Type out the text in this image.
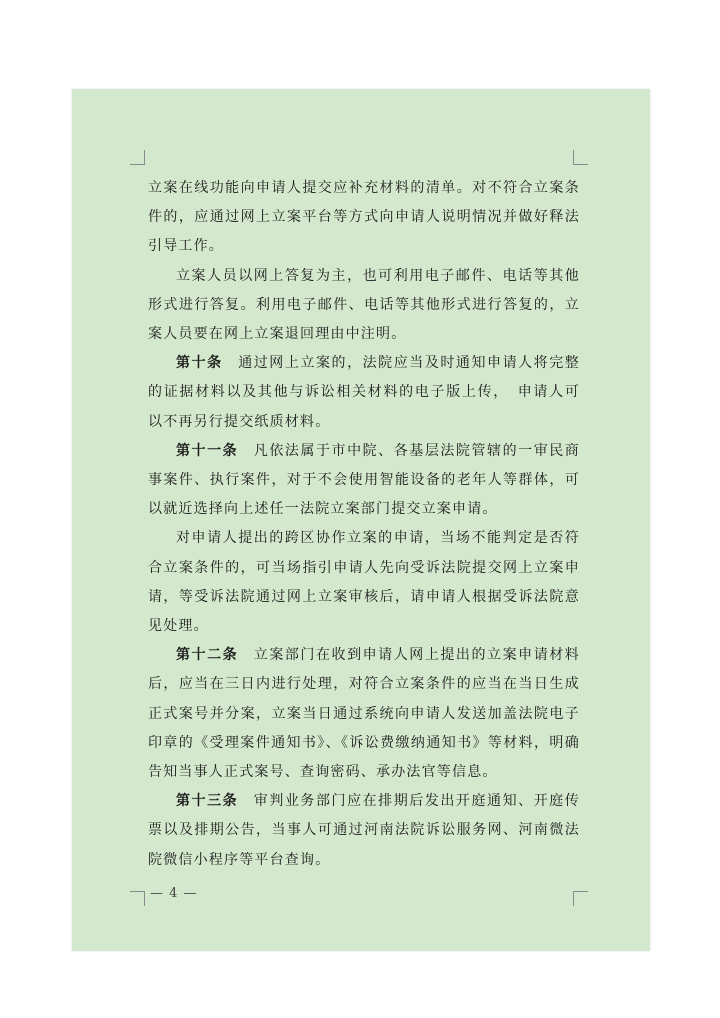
立案在线功能向申请人提交应补充材料的清单。对不符合立案条件的，应通过网上立案平台等方式向申请人说明情况并做好释法引导工作。

立案人员以网上答复为主，也可利用电子邮件、电话等其他形式进行答复。利用电子邮件、电话等其他形式进行答复的，立案人员要在网上立案退回理由中注明。

第十条　通过网上立案的，法院应当及时通知申请人将完整的证据材料以及其他与诉讼相关材料的电子版上传，　申请人可以不再另行提交纸质材料。

第十一条　凡依法属于市中院、各基层法院管辖的一审民商事案件、执行案件，对于不会使用智能设备的老年人等群体，可以就近选择向上述任一法院立案部门提交立案申请。

对申请人提出的跨区协作立案的申请，当场不能判定是否符合立案条件的，可当场指引申请人先向受诉法院提交网上立案申请，等受诉法院通过网上立案审核后，请申请人根据受诉法院意见处理。

第十二条　立案部门在收到申请人网上提出的立案申请材料后，应当在三日内进行处理，对符合立案条件的应当在当日生成正式案号并分案，立案当日通过系统向申请人发送加盖法院电子印章的《受理案件通知书》、《诉讼费缴纳通知书》等材料，明确告知当事人正式案号、查询密码、承办法官等信息。

第十三条　审判业务部门应在排期后发出开庭通知、开庭传票以及排期公告，当事人可通过河南法院诉讼服务网、河南微法院微信小程序等平台查询。

— 4 —
